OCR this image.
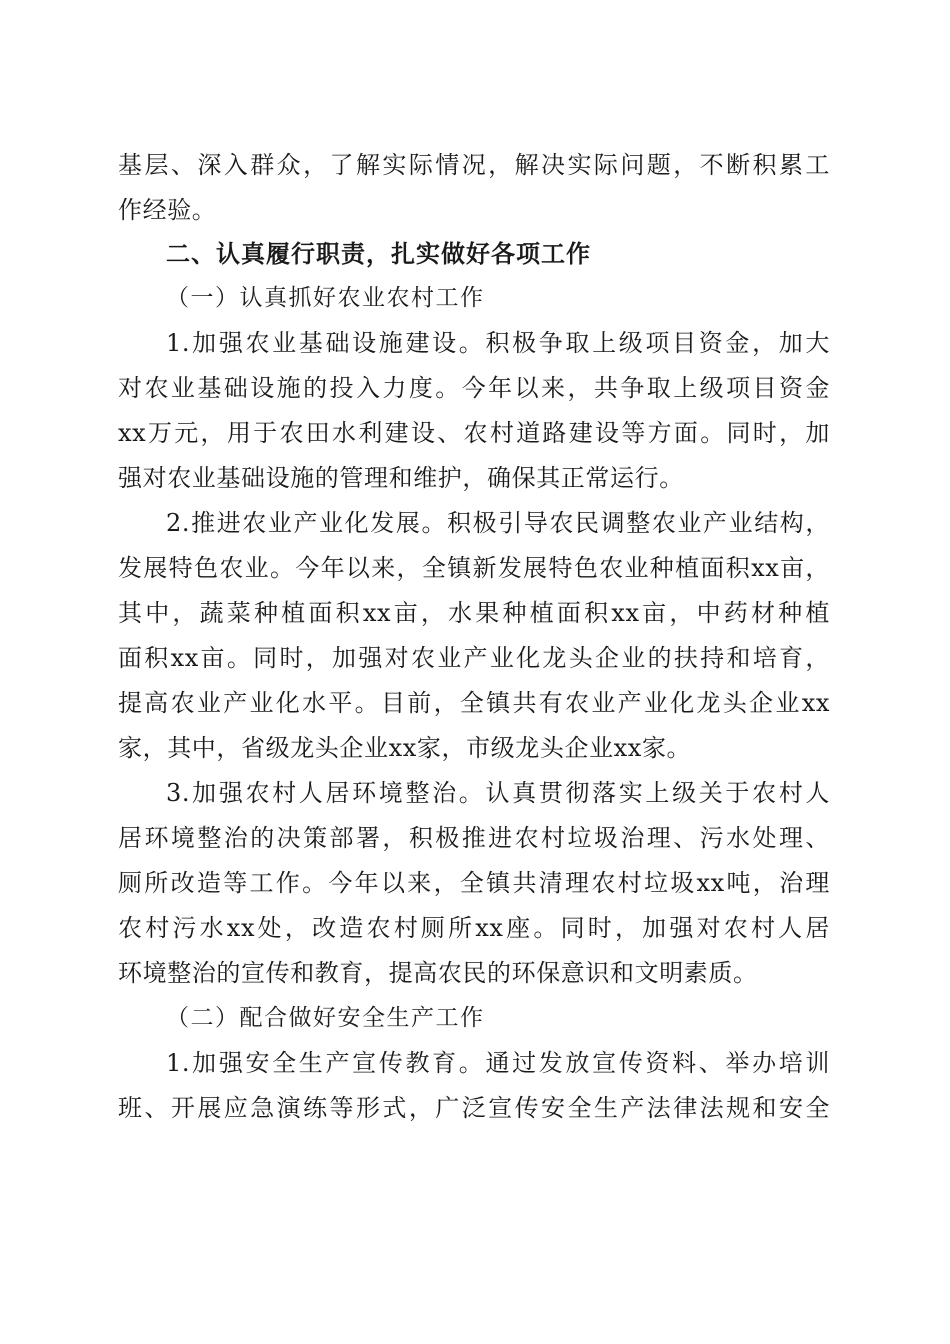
基层、深入群众，了解实际情况，解决实际问题，不断积累工
作经验。
二、认真履行职责，扎实做好各项工作
（一）认真抓好农业农村工作
1.加强农业基础设施建设。积极争取上级项目资金，加大
对农业基础设施的投入力度。今年以来，共争取上级项目资金
xx万元，用于农田水利建设、农村道路建设等方面。同时，加
强对农业基础设施的管理和维护，确保其正常运行。
2.推进农业产业化发展。积极引导农民调整农业产业结构，
发展特色农业。今年以来，全镇新发展特色农业种植面积xx亩，
其中，蔬菜种植面积xx亩，水果种植面积xx亩，中药材种植
面积xx亩。同时，加强对农业产业化龙头企业的扶持和培育，
提高农业产业化水平。目前，全镇共有农业产业化龙头企业xx
家，其中，省级龙头企业xx家，市级龙头企业xx家。
3.加强农村人居环境整治。认真贯彻落实上级关于农村人
居环境整治的决策部署，积极推进农村垃圾治理、污水处理、
厕所改造等工作。今年以来，全镇共清理农村垃圾xx吨，治理
农村污水xx处，改造农村厕所xx座。同时，加强对农村人居
环境整治的宣传和教育，提高农民的环保意识和文明素质。
（二）配合做好安全生产工作
1.加强安全生产宣传教育。通过发放宣传资料、举办培训
班、开展应急演练等形式，广泛宣传安全生产法律法规和安全
